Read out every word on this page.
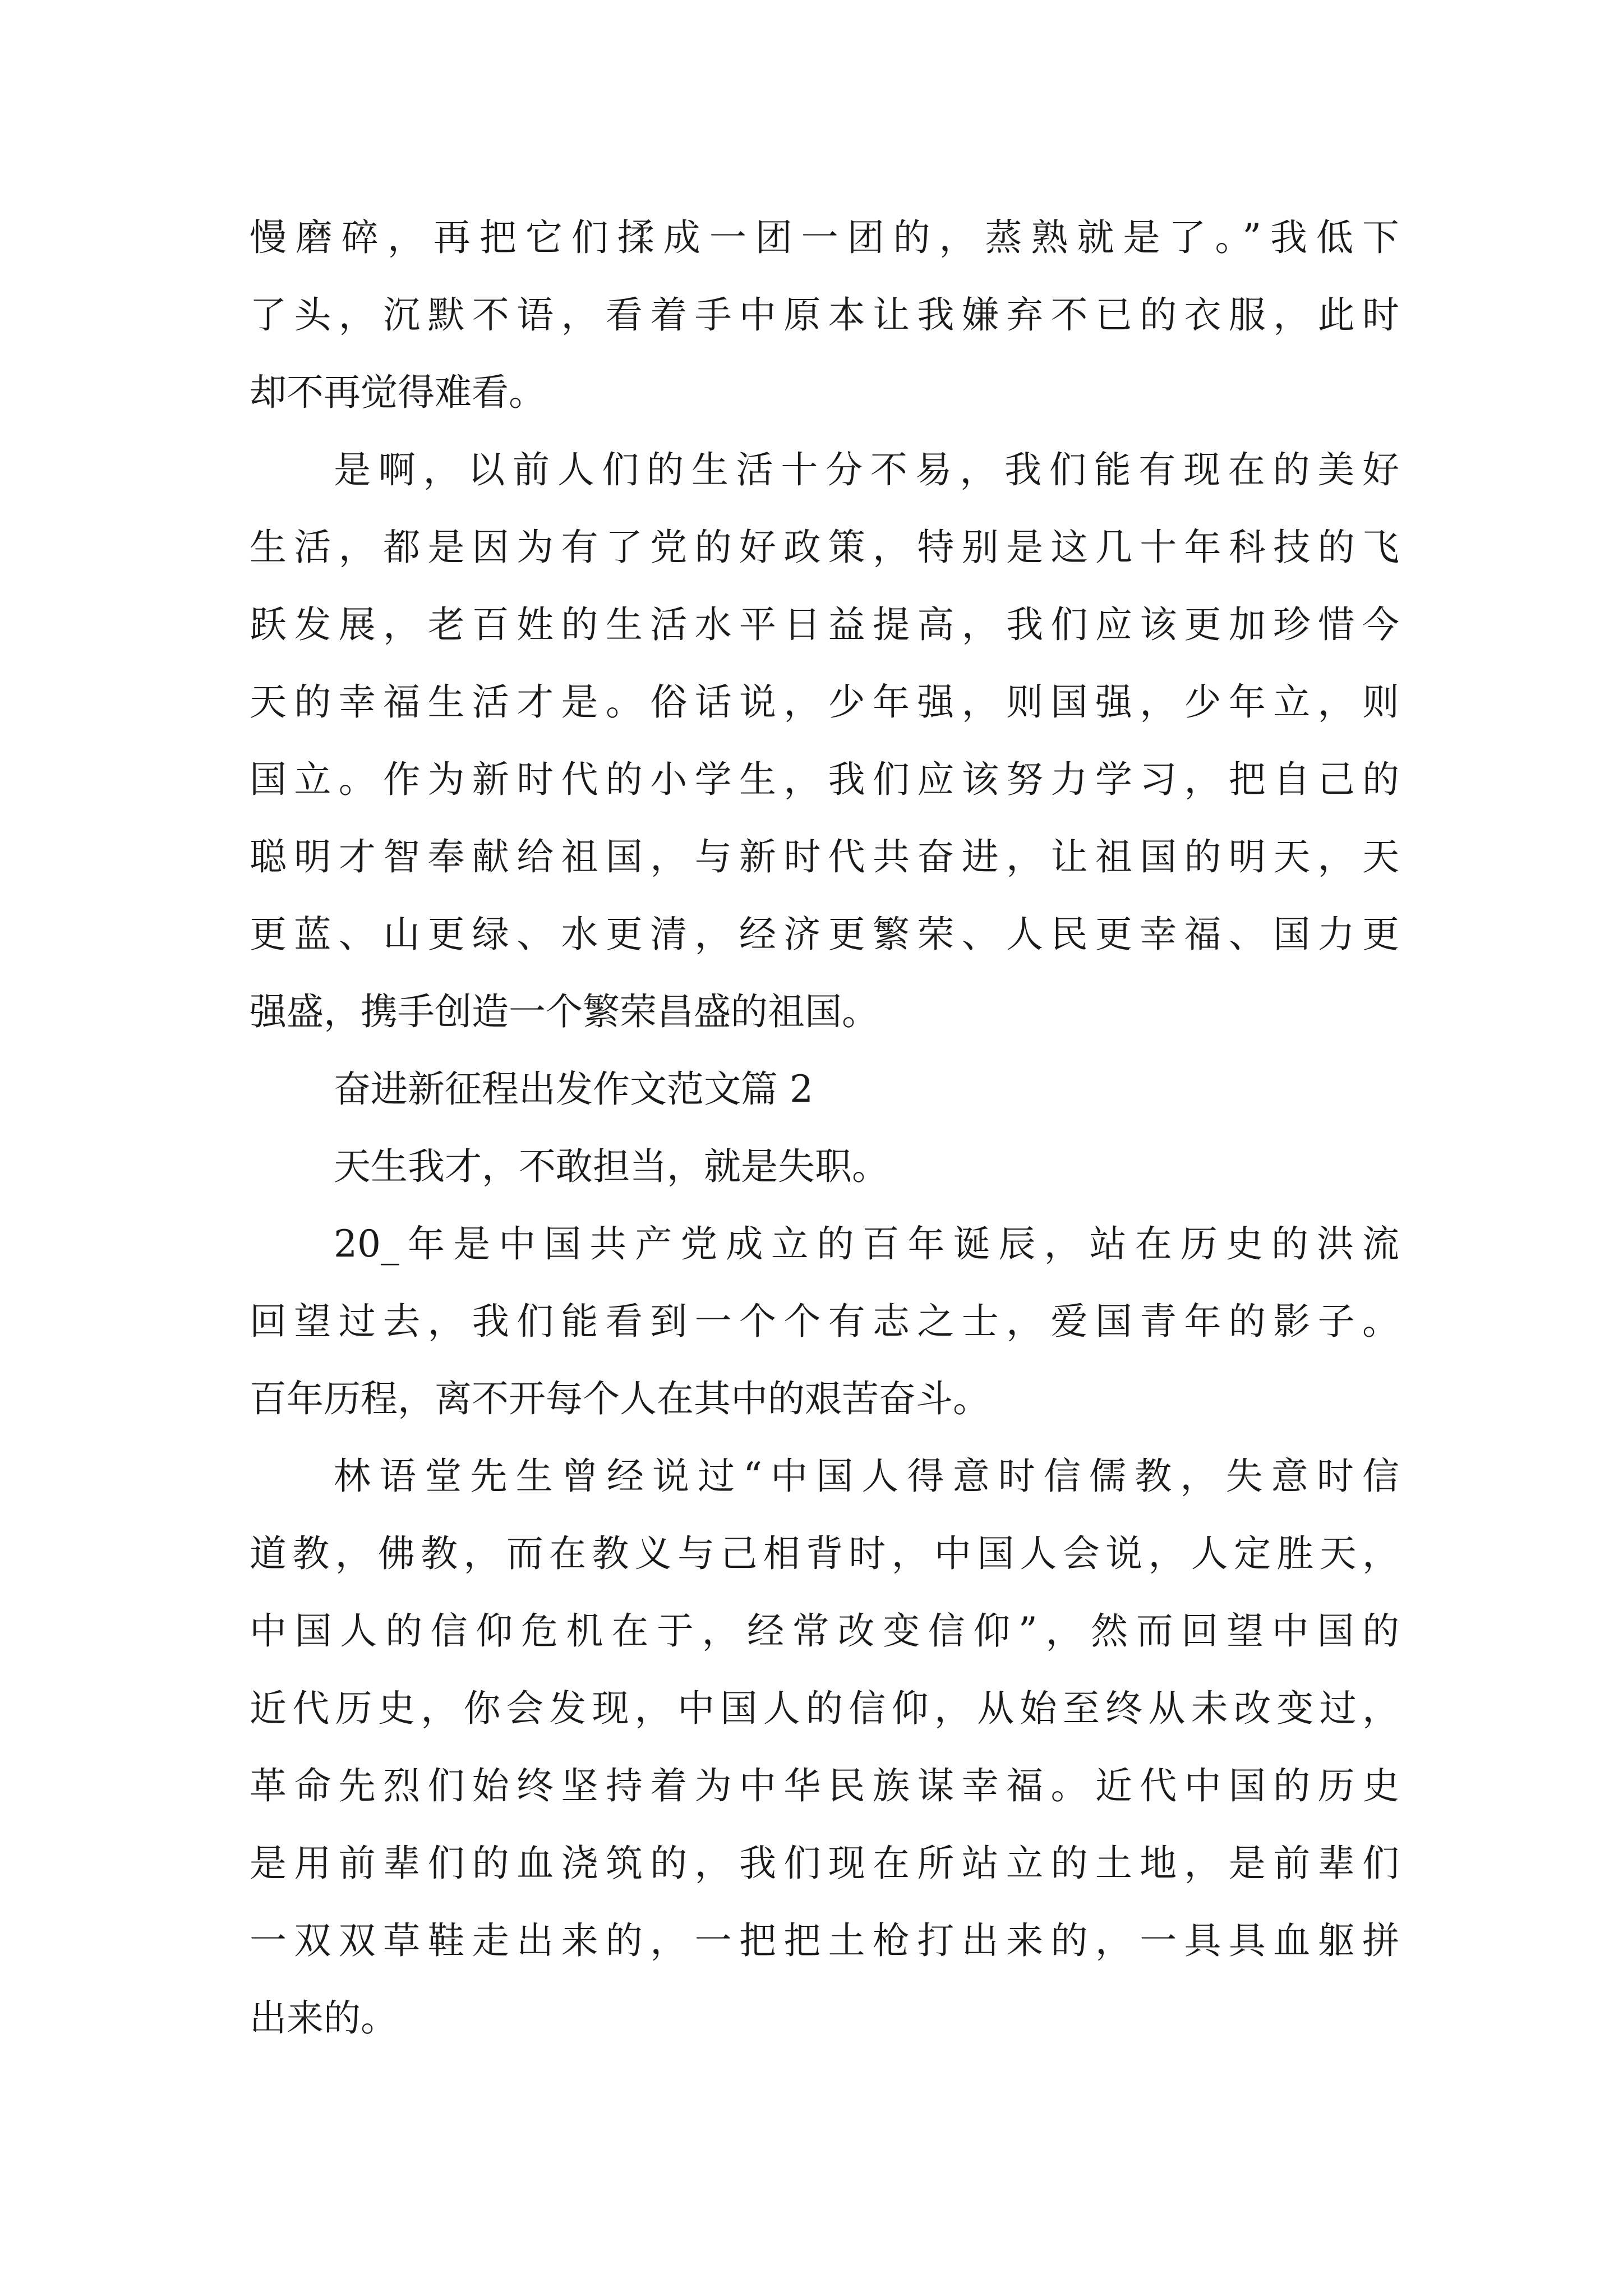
慢磨碎，再把它们揉成一团一团的，蒸熟就是了。”我低下
了头，沉默不语，看着手中原本让我嫌弃不已的衣服，此时
却不再觉得难看。
是啊，以前人们的生活十分不易，我们能有现在的美好
生活，都是因为有了党的好政策，特别是这几十年科技的飞
跃发展，老百姓的生活水平日益提高，我们应该更加珍惜今
天的幸福生活才是。俗话说，少年强，则国强，少年立，则
国立。作为新时代的小学生，我们应该努力学习，把自己的
聪明才智奉献给祖国，与新时代共奋进，让祖国的明天，天
更蓝、山更绿、水更清，经济更繁荣、人民更幸福、国力更
强盛，携手创造一个繁荣昌盛的祖国。
奋进新征程出发作文范文篇 2
天生我才，不敢担当，就是失职。
20_年是中国共产党成立的百年诞辰，站在历史的洪流
回望过去，我们能看到一个个有志之士，爱国青年的影子。
百年历程，离不开每个人在其中的艰苦奋斗。
林语堂先生曾经说过“中国人得意时信儒教，失意时信
道教，佛教，而在教义与己相背时，中国人会说，人定胜天，
中国人的信仰危机在于，经常改变信仰”，然而回望中国的
近代历史，你会发现，中国人的信仰，从始至终从未改变过，
革命先烈们始终坚持着为中华民族谋幸福。近代中国的历史
是用前辈们的血浇筑的，我们现在所站立的土地，是前辈们
一双双草鞋走出来的，一把把土枪打出来的，一具具血躯拼
出来的。
